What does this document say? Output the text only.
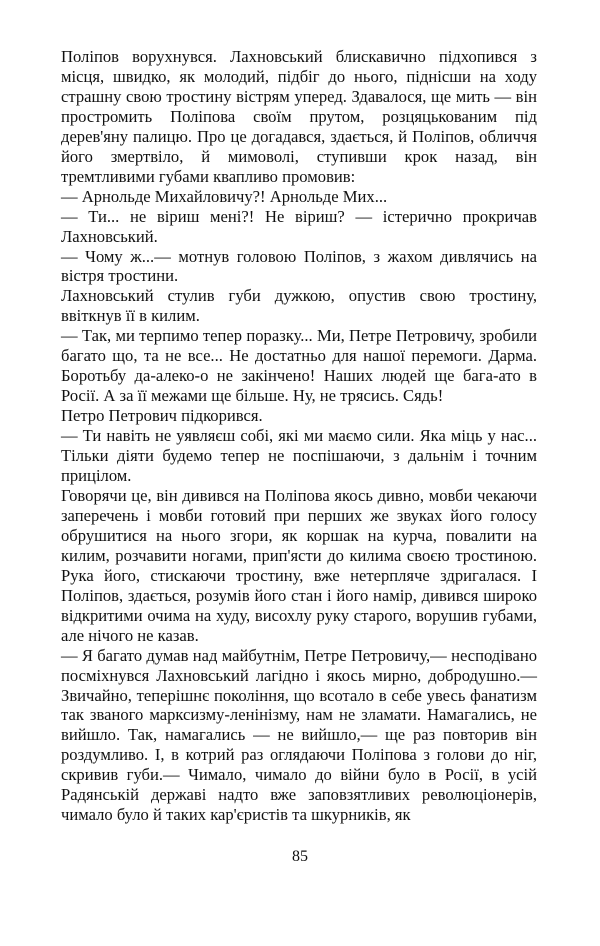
Поліпов ворухнувся. Лахновський блискавично підхопився з місця, швидко, як молодий, підбіг до нього, піднісши на ходу страшну свою тростину вістрям уперед. Здавалося, ще мить — він простромить Поліпова своїм прутом, розцяцькованим під дерев'яну палицю. Про це догадався, здається, й Поліпов, обличчя його змертвіло, й мимоволі, ступивши крок назад, він тремтливими губами квапливо промовив:

— Арнольде Михайловичу?! Арнольде Мих...

— Ти... не віриш мені?! Не віриш? — істерично прокричав Лахновський.

— Чому ж...— мотнув головою Поліпов, з жахом дивлячись на вістря тростини.

Лахновський стулив губи дужкою, опустив свою тростину, ввіткнув її в килим.

— Так, ми терпимо тепер поразку... Ми, Петре Петровичу, зробили багато що, та не все... Не достатньо для нашої перемоги. Дарма. Боротьбу да-алеко-о не закінчено! Наших людей ще бага-ато в Росії. А за її межами ще більше. Ну, не трясись. Сядь!

Петро Петрович підкорився.

— Ти навіть не уявляєш собі, які ми маємо сили. Яка міць у нас... Тільки діяти будемо тепер не поспішаючи, з дальнім і точним прицілом.

Говорячи це, він дивився на Поліпова якось дивно, мовби чекаючи заперечень і мовби готовий при перших же звуках його голосу обрушитися на нього згори, як коршак на курча, повалити на килим, розчавити ногами, прип'ясти до килима своєю тростиною. Рука його, стискаючи тростину, вже нетерпляче здригалася. І Поліпов, здається, розумів його стан і його намір, дивився широко відкритими очима на худу, висохлу руку старого, ворушив губами, але нічого не казав.

— Я багато думав над майбутнім, Петре Петровичу,— несподівано посміхнувся Лахновський лагідно і якось мирно, добродушно.— Звичайно, теперішнє покоління, що всотало в себе увесь фанатизм так званого марксизму-ленінізму, нам не зламати. Намагались, не вийшло. Так, намагались — не вийшло,— ще раз повторив він роздумливо. І, в котрий раз оглядаючи Поліпова з голови до ніг, скривив губи.— Чимало, чимало до війни було в Росії, в усій Радянській державі надто вже заповзятливих революціонерів, чимало було й таких кар'єристів та шкурників, як

85
